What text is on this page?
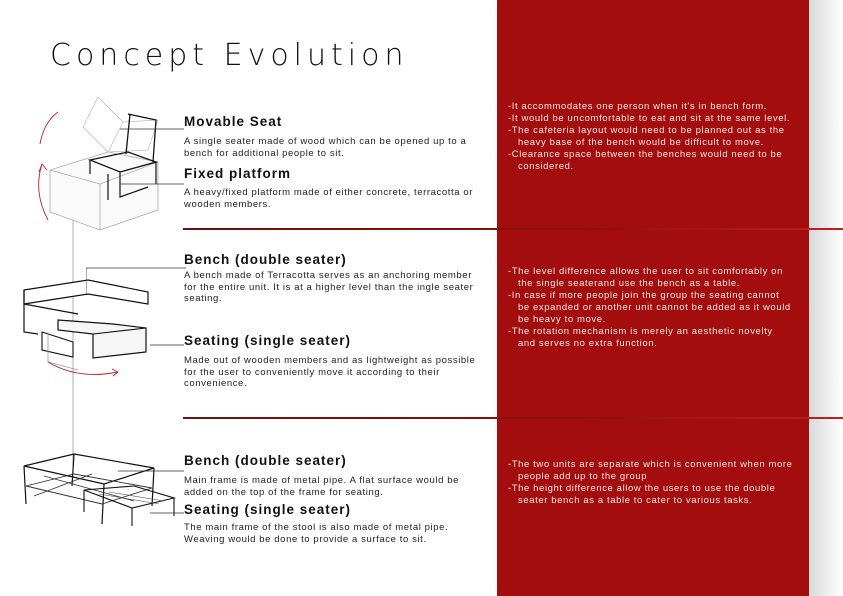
Concept Evolution
Movable Seat
A single seater made of wood which can be opened up to a bench for additional people to sit.
Fixed platform
A heavy/fixed platform made of either concrete, terracotta or wooden members.
-It accommodates one person when it's in bench form.
-It would be uncomfortable to eat and sit at the same level.
-The cafeteria layout would need to be planned out as the heavy base of the bench would be difficult to move.
-Clearance space between the benches would need to be considered.
Bench (double seater)
A bench made of Terracotta serves as an anchoring member for the entire unit. It is at a higher level than the ingle seater seating.
Seating (single seater)
Made out of wooden members and as lightweight as possible for the user to conveniently move it according to their convenience.
-The level difference allows the user to sit comfortably on the single seaterand use the bench as a table.
-In case if more people join the group the seating cannot be expanded or another unit cannot be added as it would be heavy to move.
-The rotation mechanism is merely an aesthetic novelty and serves no extra function.
Bench (double seater)
Main frame is made of metal pipe. A flat surface would be added on the top of the frame for seating.
Seating (single seater)
The main frame of the stool is also made of metal pipe. Weaving would be done to provide a surface to sit.
-The two units are separate which is convenient when more people add up to the group
-The height difference allow the users to use the double seater bench as a table to cater to various tasks.
